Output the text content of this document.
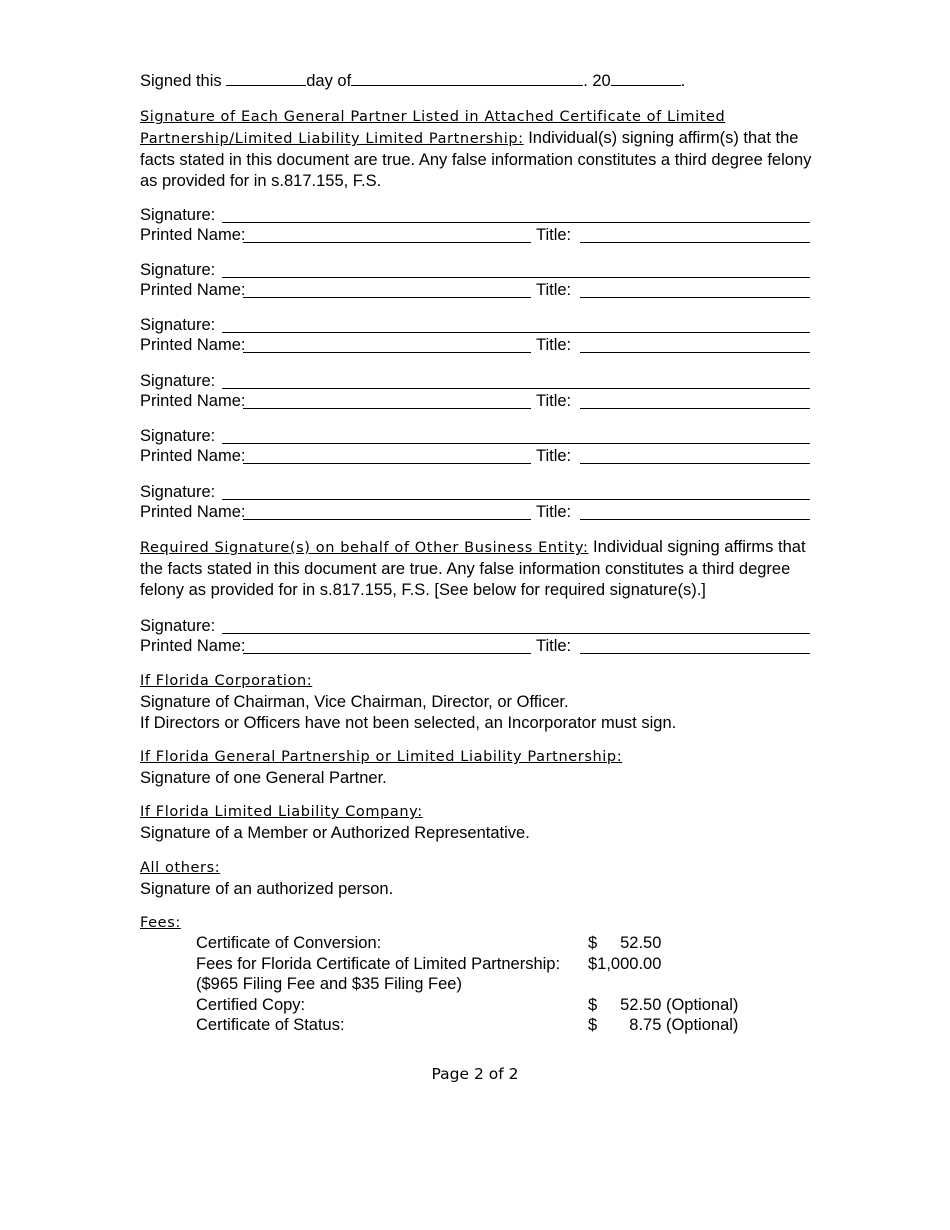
Signed this	day of	. 20	.
Signature of Each General Partner Listed in Attached Certificate of Limited Partnership/Limited Liability Limited Partnership: Individual(s) signing affirm(s) that the facts stated in this document are true. Any false information constitutes a third degree felony as provided for in s.817.155, F.S.
Signature:
Printed Name:	Title:
Signature:
Printed Name:	Title:
Signature:
Printed Name:	Title:
Signature:
Printed Name:	Title:
Signature:
Printed Name:	Title:
Signature:
Printed Name:	Title:
Required Signature(s) on behalf of Other Business Entity: Individual signing affirms that the facts stated in this document are true. Any false information constitutes a third degree felony as provided for in s.817.155, F.S. [See below for required signature(s).]
Signature:
Printed Name:	Title:
If Florida Corporation:
Signature of Chairman, Vice Chairman, Director, or Officer.
If Directors or Officers have not been selected, an Incorporator must sign.
If Florida General Partnership or Limited Liability Partnership:
Signature of one General Partner.
If Florida Limited Liability Company:
Signature of a Member or Authorized Representative.
All others:
Signature of an authorized person.
Fees:
Certificate of Conversion:	$     52.50
Fees for Florida Certificate of Limited Partnership: $1,000.00
($965 Filing Fee and $35 Filing Fee)
Certified Copy:	$     52.50 (Optional)
Certificate of Status:	$       8.75 (Optional)
Page 2 of 2
